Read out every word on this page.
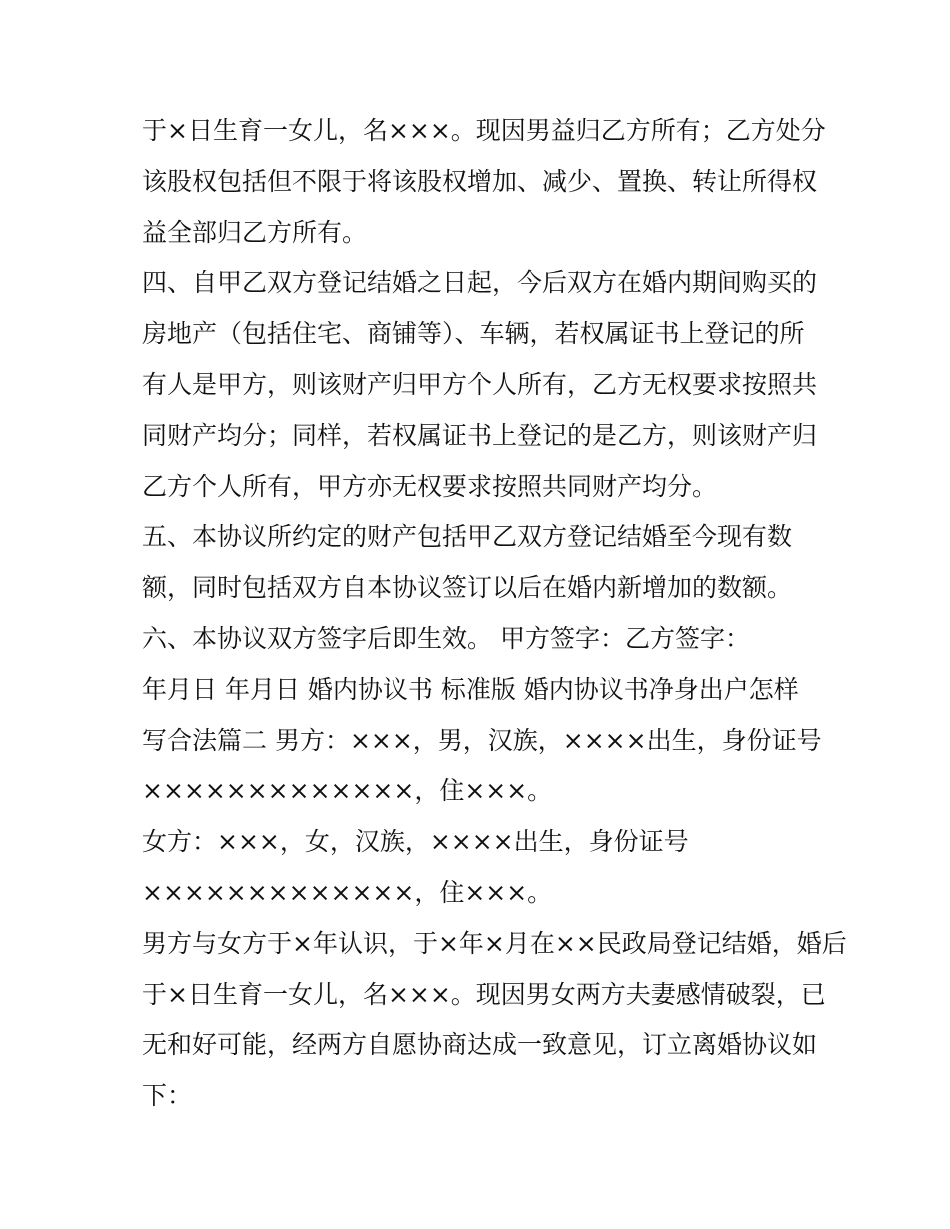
于×日生育一女儿，名×××。现因男益归乙方所有；乙方处分
该股权包括但不限于将该股权增加、减少、置换、转让所得权
益全部归乙方所有。
四、自甲乙双方登记结婚之日起，今后双方在婚内期间购买的
房地产（包括住宅、商铺等）、车辆，若权属证书上登记的所
有人是甲方，则该财产归甲方个人所有，乙方无权要求按照共
同财产均分；同样，若权属证书上登记的是乙方，则该财产归
乙方个人所有，甲方亦无权要求按照共同财产均分。
五、本协议所约定的财产包括甲乙双方登记结婚至今现有数
额，同时包括双方自本协议签订以后在婚内新增加的数额。
六、本协议双方签字后即生效。 甲方签字：乙方签字：
年月日 年月日 婚内协议书 标准版 婚内协议书净身出户怎样
写合法篇二 男方：×××，男，汉族，××××出生，身份证号
×××××××××××××，住×××。
女方：×××，女，汉族，××××出生，身份证号
×××××××××××××，住×××。
男方与女方于×年认识，于×年×月在××民政局登记结婚，婚后
于×日生育一女儿，名×××。现因男女两方夫妻感情破裂，已
无和好可能，经两方自愿协商达成一致意见，订立离婚协议如
下：
